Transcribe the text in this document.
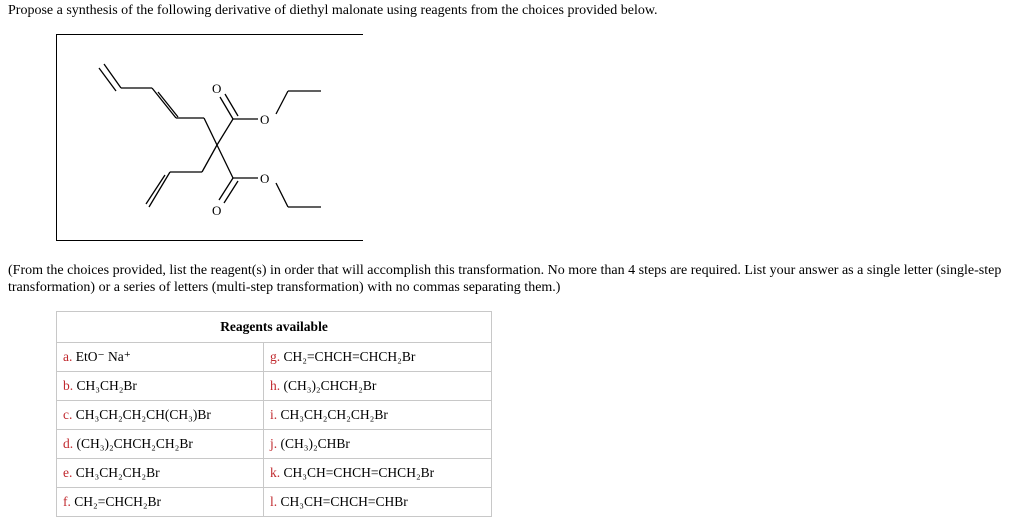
Propose a synthesis of the following derivative of diethyl malonate using reagents from the choices provided below.
O
O
O
O
(From the choices provided, list the reagent(s) in order that will accomplish this transformation. No more than 4 steps are required. List your answer as a single letter (single-step transformation) or a series of letters (multi-step transformation) with no commas separating them.)
Reagents available	
a. EtO⁻ Na⁺	g. CH₂=CHCH=CHCH₂Br
b. CH₃CH₂Br	h. (CH₃)₂CHCH₂Br
c. CH₃CH₂CH₂CH(CH₃)Br	i. CH₃CH₂CH₂CH₂Br
d. (CH₃)₂CHCH₂CH₂Br	j. (CH₃)₂CHBr
e. CH₃CH₂CH₂Br	k. CH₃CH=CHCH=CHCH₂Br
f. CH₂=CHCH₂Br	l. CH₃CH=CHCH=CHBr
